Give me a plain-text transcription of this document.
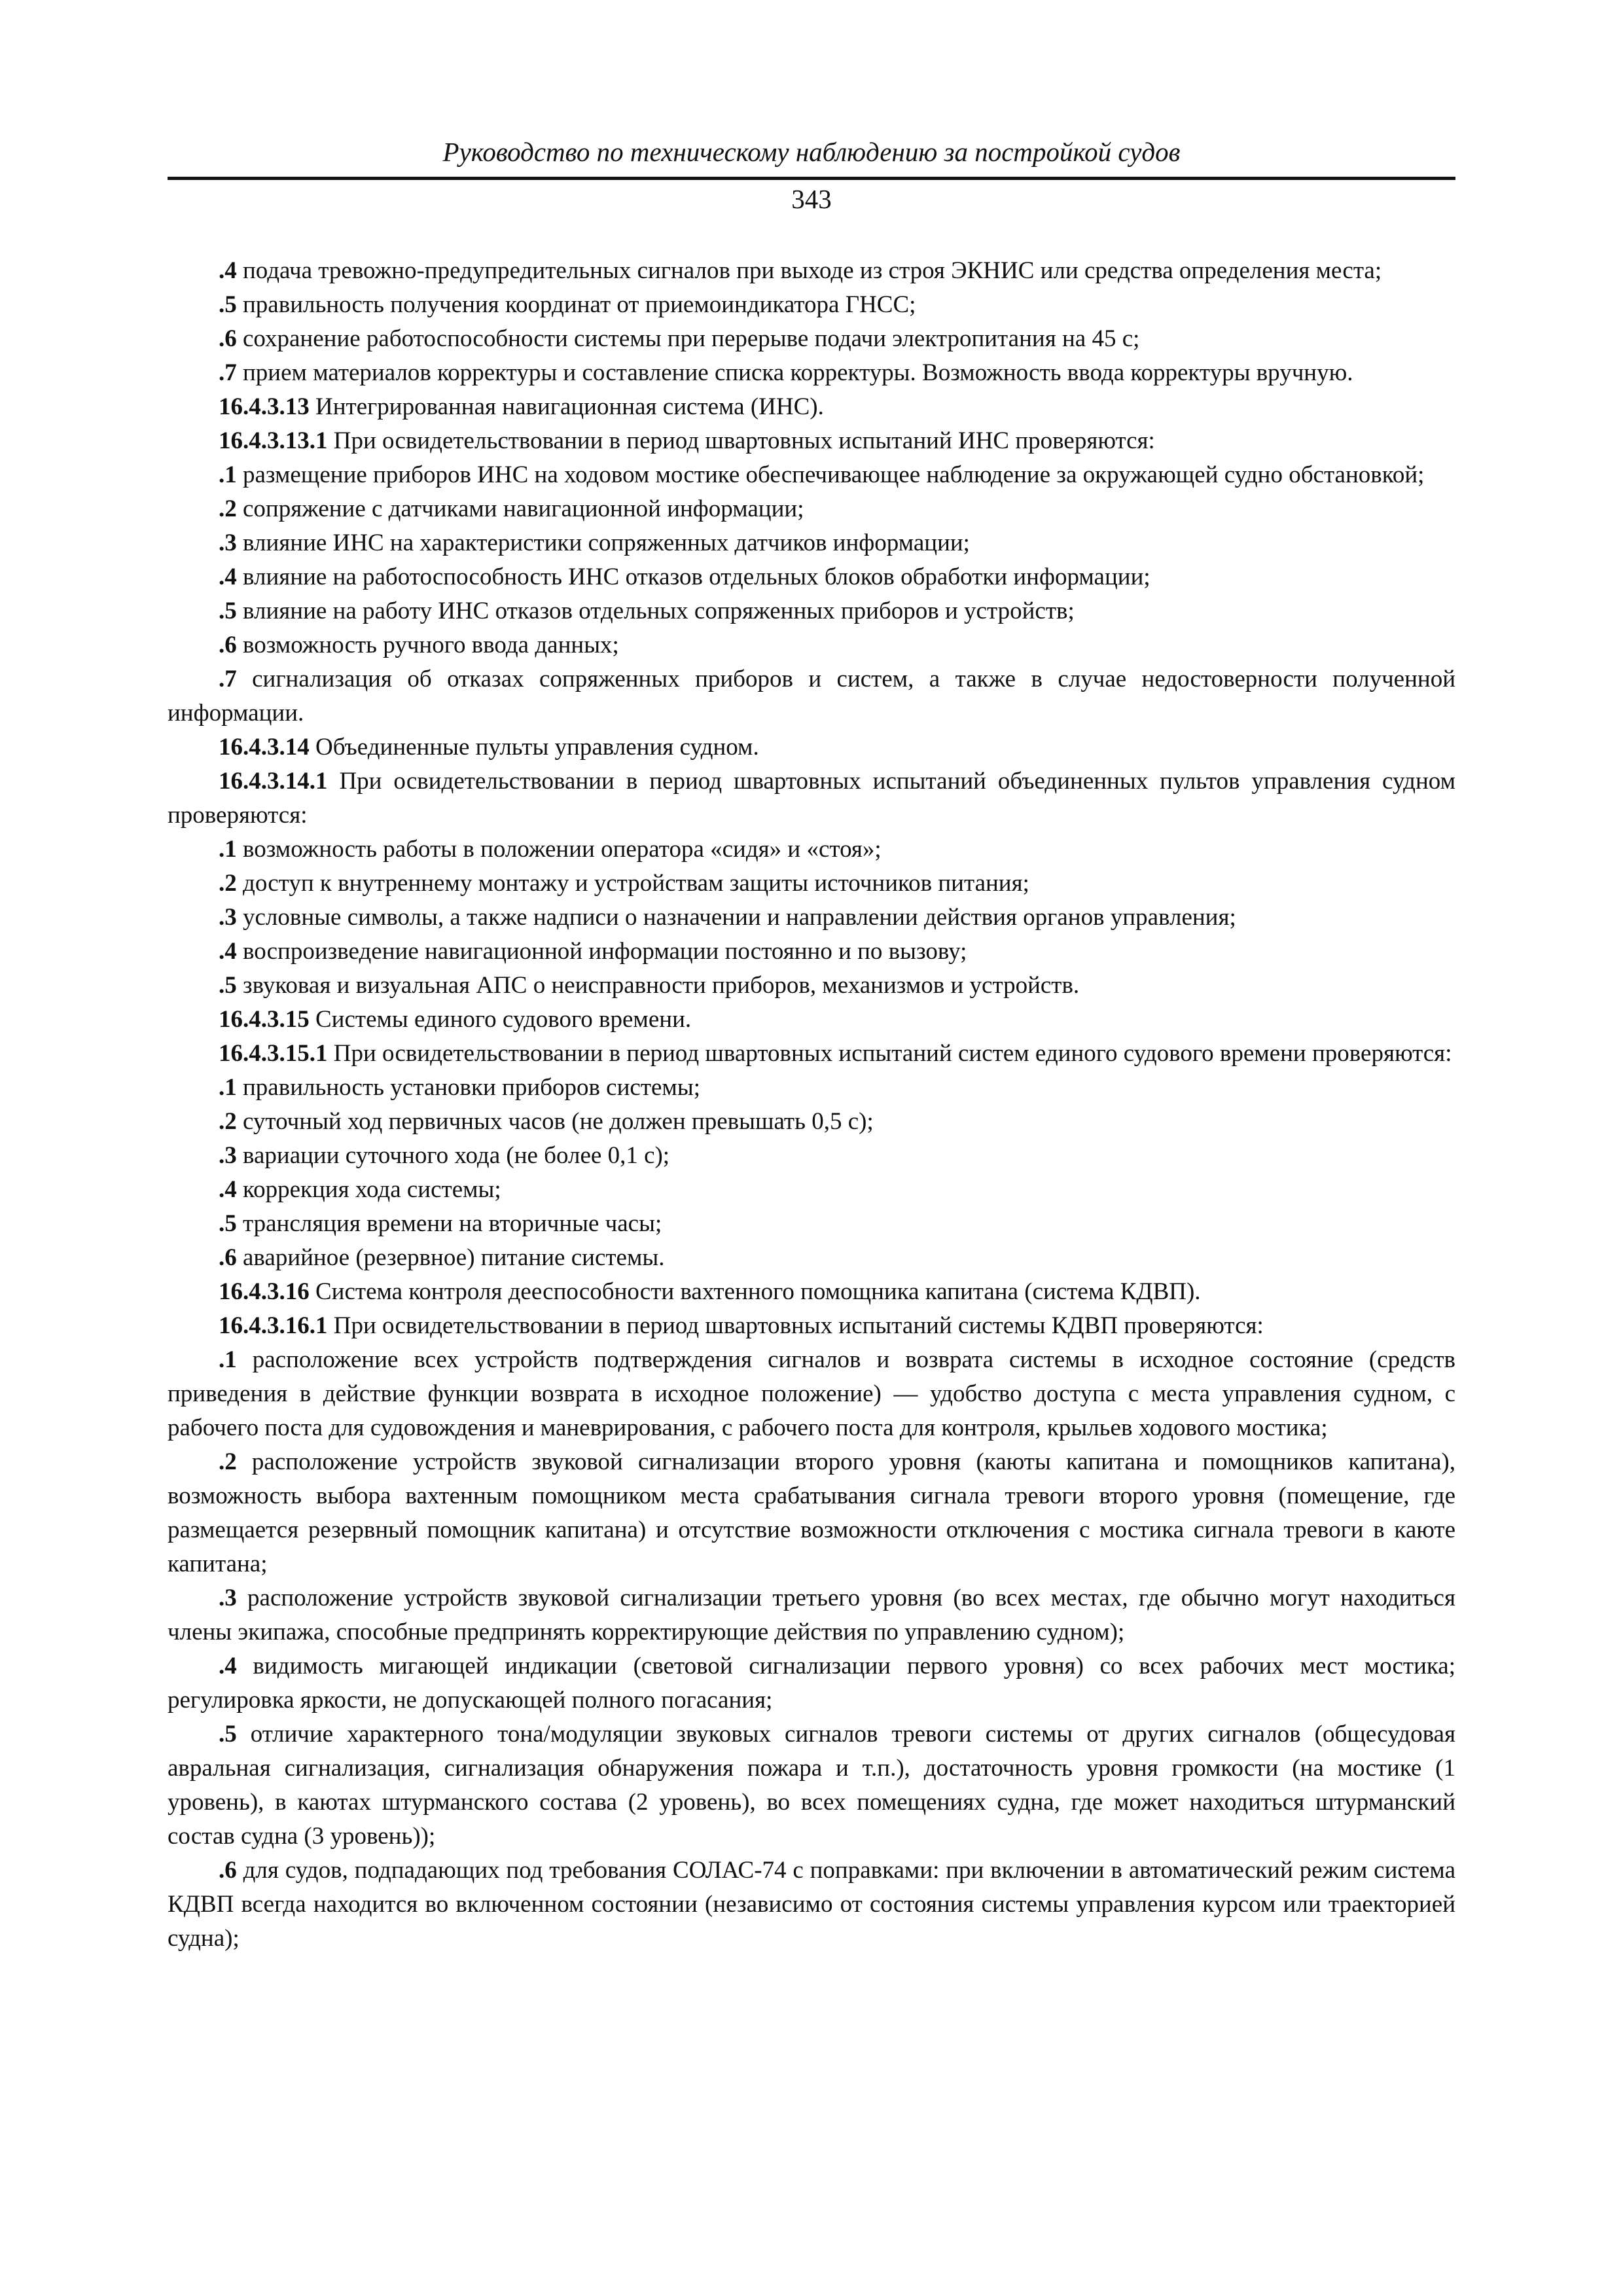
Руководство по техническому наблюдению за постройкой судов
343

.4 подача тревожно-предупредительных сигналов при выходе из строя ЭКНИС или средства определения места;

.5 правильность получения координат от приемоиндикатора ГНСС;

.6 сохранение работоспособности системы при перерыве подачи электропитания на 45 с;

.7 прием материалов корректуры и составление списка корректуры. Возможность ввода корректуры вручную.

16.4.3.13 Интегрированная навигационная система (ИНС).

16.4.3.13.1 При освидетельствовании в период швартовных испытаний ИНС проверяются:

.1 размещение приборов ИНС на ходовом мостике обеспечивающее наблюдение за окружающей судно обстановкой;

.2 сопряжение с датчиками навигационной информации;

.3 влияние ИНС на характеристики сопряженных датчиков информации;

.4 влияние на работоспособность ИНС отказов отдельных блоков обработки информации;

.5 влияние на работу ИНС отказов отдельных сопряженных приборов и устройств;

.6 возможность ручного ввода данных;

.7 сигнализация об отказах сопряженных приборов и систем, а также в случае недостоверности полученной информации.

16.4.3.14 Объединенные пульты управления судном.

16.4.3.14.1 При освидетельствовании в период швартовных испытаний объединенных пультов управления судном проверяются:

.1 возможность работы в положении оператора «сидя» и «стоя»;

.2 доступ к внутреннему монтажу и устройствам защиты источников питания;

.3 условные символы, а также надписи о назначении и направлении действия органов управления;

.4 воспроизведение навигационной информации постоянно и по вызову;

.5 звуковая и визуальная АПС о неисправности приборов, механизмов и устройств.

16.4.3.15 Системы единого судового времени.

16.4.3.15.1 При освидетельствовании в период швартовных испытаний систем единого судового времени проверяются:

.1 правильность установки приборов системы;

.2 суточный ход первичных часов (не должен превышать 0,5 с);

.3 вариации суточного хода (не более 0,1 с);

.4 коррекция хода системы;

.5 трансляция времени на вторичные часы;

.6 аварийное (резервное) питание системы.

16.4.3.16 Система контроля дееспособности вахтенного помощника капитана (система КДВП).

16.4.3.16.1 При освидетельствовании в период швартовных испытаний системы КДВП проверяются:

.1 расположение всех устройств подтверждения сигналов и возврата системы в исходное состояние (средств приведения в действие функции возврата в исходное положение) — удобство доступа с места управления судном, с рабочего поста для судовождения и маневрирования, с рабочего поста для контроля, крыльев ходового мостика;

.2 расположение устройств звуковой сигнализации второго уровня (каюты капитана и помощников капитана), возможность выбора вахтенным помощником места срабатывания сигнала тревоги второго уровня (помещение, где размещается резервный помощник капитана) и отсутствие возможности отключения с мостика сигнала тревоги в каюте капитана;

.3 расположение устройств звуковой сигнализации третьего уровня (во всех местах, где обычно могут находиться члены экипажа, способные предпринять корректирующие действия по управлению судном);

.4 видимость мигающей индикации (световой сигнализации первого уровня) со всех рабочих мест мостика; регулировка яркости, не допускающей полного погасания;

.5 отличие характерного тона/модуляции звуковых сигналов тревоги системы от других сигналов (общесудовая авральная сигнализация, сигнализация обнаружения пожара и т.п.), достаточность уровня громкости (на мостике (1 уровень), в каютах штурманского состава (2 уровень), во всех помещениях судна, где может находиться штурманский состав судна (3 уровень));

.6 для судов, подпадающих под требования СОЛАС-74 с поправками: при включении в автоматический режим система КДВП всегда находится во включенном состоянии (независимо от состояния системы управления курсом или траекторией судна);
